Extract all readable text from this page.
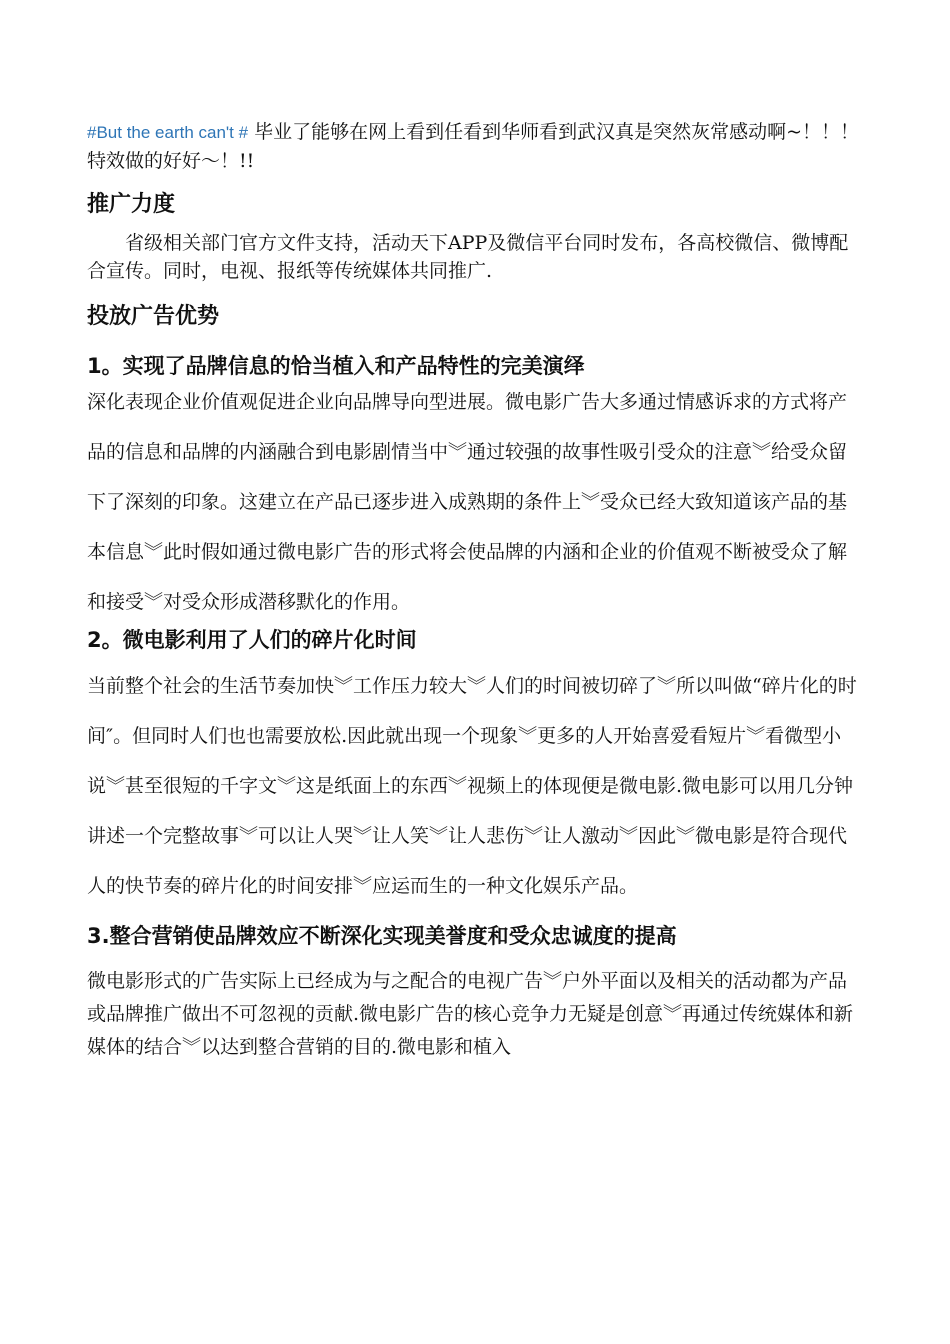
#But the earth can't # 毕业了能够在网上看到任看到华师看到武汉真是突然灰常感动啊~！！！特效做的好好～！!!

推广力度

省级相关部门官方文件支持，活动天下APP及微信平台同时发布，各高校微信、微博配合宣传。同时，电视、报纸等传统媒体共同推广.

投放广告优势
1。实现了品牌信息的恰当植入和产品特性的完美演绎

深化表现企业价值观促进企业向品牌导向型进展。微电影广告大多通过情感诉求的方式将产品的信息和品牌的内涵融合到电影剧情当中︾通过较强的故事性吸引受众的注意︾给受众留下了深刻的印象。这建立在产品已逐步进入成熟期的条件上︾受众已经大致知道该产品的基本信息︾此时假如通过微电影广告的形式将会使品牌的内涵和企业的价值观不断被受众了解和接受︾对受众形成潜移默化的作用。

2。微电影利用了人们的碎片化时间

当前整个社会的生活节奏加快︾工作压力较大︾人们的时间被切碎了︾所以叫做“碎片化的时间″。但同时人们也也需要放松.因此就出现一个现象︾更多的人开始喜爱看短片︾看微型小说︾甚至很短的千字文︾这是纸面上的东西︾视频上的体现便是微电影.微电影可以用几分钟讲述一个完整故事︾可以让人哭︾让人笑︾让人悲伤︾让人激动︾因此︾微电影是符合现代人的快节奏的碎片化的时间安排︾应运而生的一种文化娱乐产品。

3.整合营销使品牌效应不断深化实现美誉度和受众忠诚度的提高

微电影形式的广告实际上已经成为与之配合的电视广告︾户外平面以及相关的活动都为产品或品牌推广做出不可忽视的贡献.微电影广告的核心竞争力无疑是创意︾再通过传统媒体和新媒体的结合︾以达到整合营销的目的.微电影和植入
